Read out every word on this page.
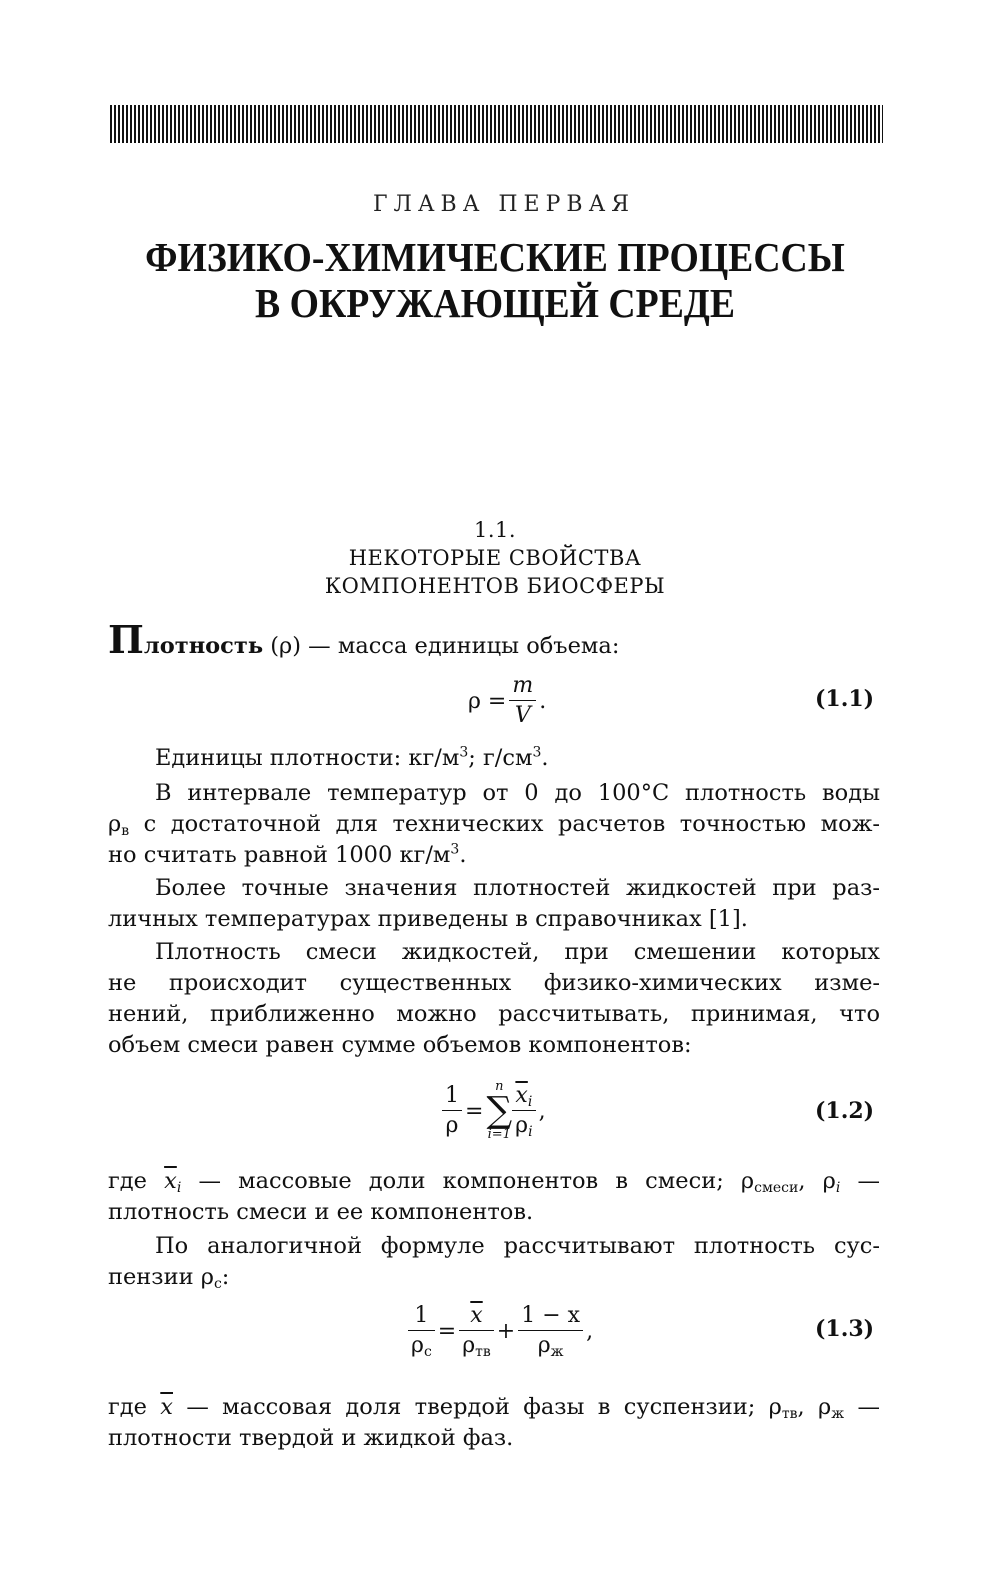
ГЛАВА ПЕРВАЯ
ФИЗИКО-ХИМИЧЕСКИЕ ПРОЦЕССЫ
В ОКРУЖАЮЩЕЙ СРЕДЕ
1.1.
НЕКОТОРЫЕ СВОЙСТВА
КОМПОНЕНТОВ БИОСФЕРЫ
Плотность (ρ) — масса единицы объема:
$\rho = \frac{m}{V}$ .	(1.1)
Единицы плотности: $кг/м^3$; $г/см^3$.
В интервале температур от 0 до 100°C плотность воды
$\rho_в$ с достаточной для технических расчетов точностью мож-
но считать равной 1000 $кг/м^3$.
Более точные значения плотностей жидкостей при раз-
личных температурах приведены в справочниках [1].
Плотность смеси жидкостей, при смешении которых
не происходит существенных физико-химических изме-
нений, приближенно можно рассчитывать, принимая, что
объем смеси равен сумме объемов компонентов:
$\frac{1}{\rho}$ =
n
∑
$i=1 \frac{\overline{x}_i}{\rho_i}$ ,	(1.2)
где $\overline{x}_i$ — массовые доли компонентов в смеси; $\rho_{смеси}$, $\rho_i$ —
плотность смеси и ее компонентов.
По аналогичной формуле рассчитывают плотность сус-
пензии $\rho_с$:
$\frac{1}{\rho_с} = \frac{\overline{x}}{\rho_{тв}} + \frac{1 - x}{\rho_ж}$ ,	(1.3)
где $\overline{x}$ — массовая доля твердой фазы в суспензии; $\rho_{тв}$, $\rho_ж$ —
плотности твердой и жидкой фаз.
